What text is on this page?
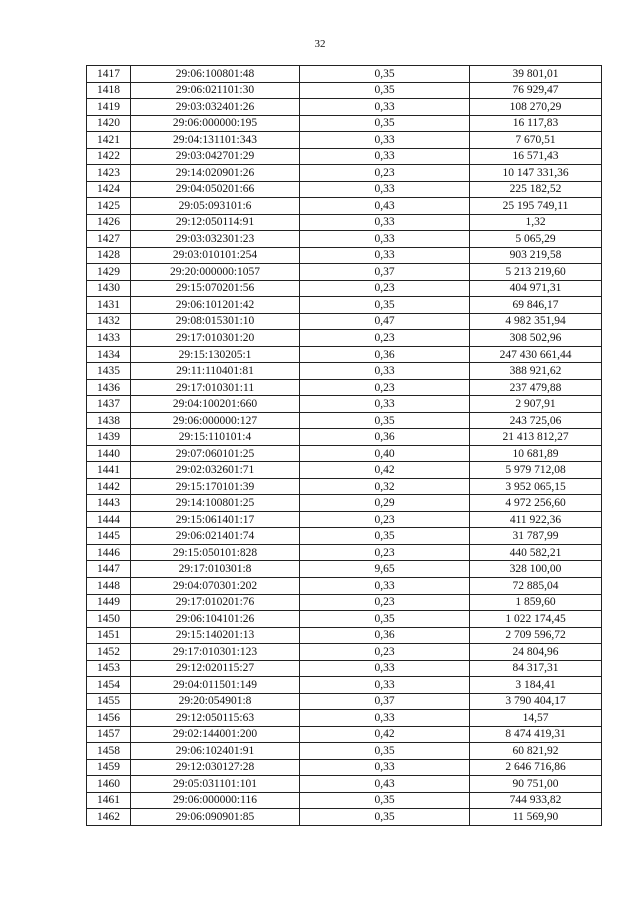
32
1417	29:06:100801:48	0,35	39 801,01
1418	29:06:021101:30	0,35	76 929,47
1419	29:03:032401:26	0,33	108 270,29
1420	29:06:000000:195	0,35	16 117,83
1421	29:04:131101:343	0,33	7 670,51
1422	29:03:042701:29	0,33	16 571,43
1423	29:14:020901:26	0,23	10 147 331,36
1424	29:04:050201:66	0,33	225 182,52
1425	29:05:093101:6	0,43	25 195 749,11
1426	29:12:050114:91	0,33	1,32
1427	29:03:032301:23	0,33	5 065,29
1428	29:03:010101:254	0,33	903 219,58
1429	29:20:000000:1057	0,37	5 213 219,60
1430	29:15:070201:56	0,23	404 971,31
1431	29:06:101201:42	0,35	69 846,17
1432	29:08:015301:10	0,47	4 982 351,94
1433	29:17:010301:20	0,23	308 502,96
1434	29:15:130205:1	0,36	247 430 661,44
1435	29:11:110401:81	0,33	388 921,62
1436	29:17:010301:11	0,23	237 479,88
1437	29:04:100201:660	0,33	2 907,91
1438	29:06:000000:127	0,35	243 725,06
1439	29:15:110101:4	0,36	21 413 812,27
1440	29:07:060101:25	0,40	10 681,89
1441	29:02:032601:71	0,42	5 979 712,08
1442	29:15:170101:39	0,32	3 952 065,15
1443	29:14:100801:25	0,29	4 972 256,60
1444	29:15:061401:17	0,23	411 922,36
1445	29:06:021401:74	0,35	31 787,99
1446	29:15:050101:828	0,23	440 582,21
1447	29:17:010301:8	9,65	328 100,00
1448	29:04:070301:202	0,33	72 885,04
1449	29:17:010201:76	0,23	1 859,60
1450	29:06:104101:26	0,35	1 022 174,45
1451	29:15:140201:13	0,36	2 709 596,72
1452	29:17:010301:123	0,23	24 804,96
1453	29:12:020115:27	0,33	84 317,31
1454	29:04:011501:149	0,33	3 184,41
1455	29:20:054901:8	0,37	3 790 404,17
1456	29:12:050115:63	0,33	14,57
1457	29:02:144001:200	0,42	8 474 419,31
1458	29:06:102401:91	0,35	60 821,92
1459	29:12:030127:28	0,33	2 646 716,86
1460	29:05:031101:101	0,43	90 751,00
1461	29:06:000000:116	0,35	744 933,82
1462	29:06:090901:85	0,35	11 569,90
